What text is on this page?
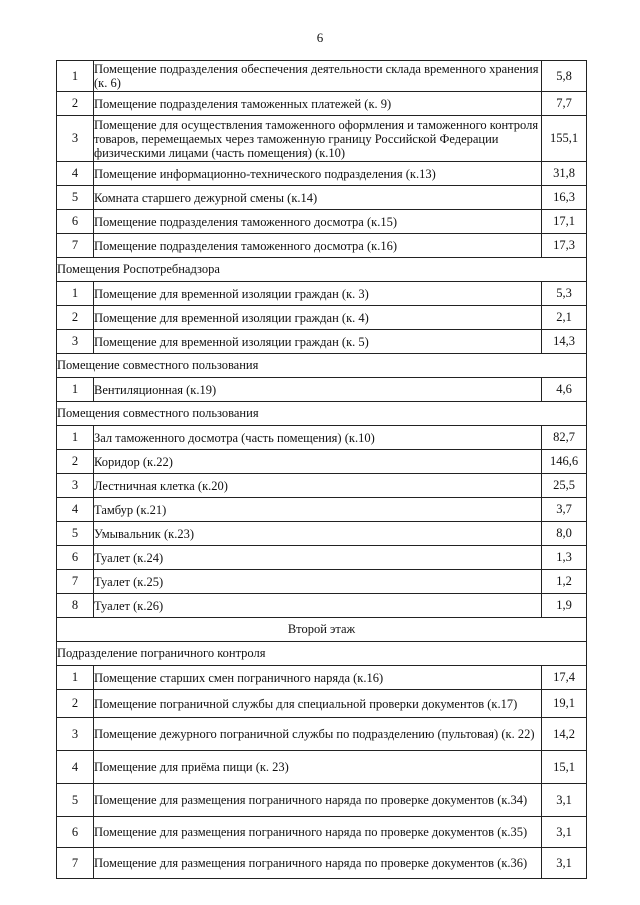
6
1	Помещение подразделения обеспечения деятельности склада временного хранения (к. 6)	5,8
2	Помещение подразделения таможенных платежей (к. 9)	7,7
3	Помещение для осуществления таможенного оформления и таможенного контроля товаров, перемещаемых через таможенную границу Российской Федерации физическими лицами (часть помещения) (к.10)	155,1
4	Помещение информационно-технического подразделения (к.13)	31,8
5	Комната старшего дежурной смены (к.14)	16,3
6	Помещение подразделения таможенного досмотра (к.15)	17,1
7	Помещение подразделения таможенного досмотра (к.16)	17,3
Помещения Роспотребнадзора		
1	Помещение для временной изоляции граждан (к. 3)	5,3
2	Помещение для временной изоляции граждан (к. 4)	2,1
3	Помещение для временной изоляции граждан (к. 5)	14,3
Помещение совместного пользования		
1	Вентиляционная (к.19)	4,6
Помещения совместного пользования		
1	Зал таможенного досмотра (часть помещения) (к.10)	82,7
2	Коридор (к.22)	146,6
3	Лестничная клетка (к.20)	25,5
4	Тамбур (к.21)	3,7
5	Умывальник (к.23)	8,0
6	Туалет (к.24)	1,3
7	Туалет (к.25)	1,2
8	Туалет (к.26)	1,9
Второй этаж		
Подразделение пограничного контроля		
1	Помещение старших смен пограничного наряда (к.16)	17,4
2	Помещение пограничной службы для специальной проверки документов (к.17)	19,1
3	Помещение дежурного пограничной службы по подразделению (пультовая) (к. 22)	14,2
4	Помещение для приёма пищи (к. 23)	15,1
5	Помещение для размещения пограничного наряда по проверке документов (к.34)	3,1
6	Помещение для размещения пограничного наряда по проверке документов (к.35)	3,1
7	Помещение для размещения пограничного наряда по проверке документов (к.36)	3,1
